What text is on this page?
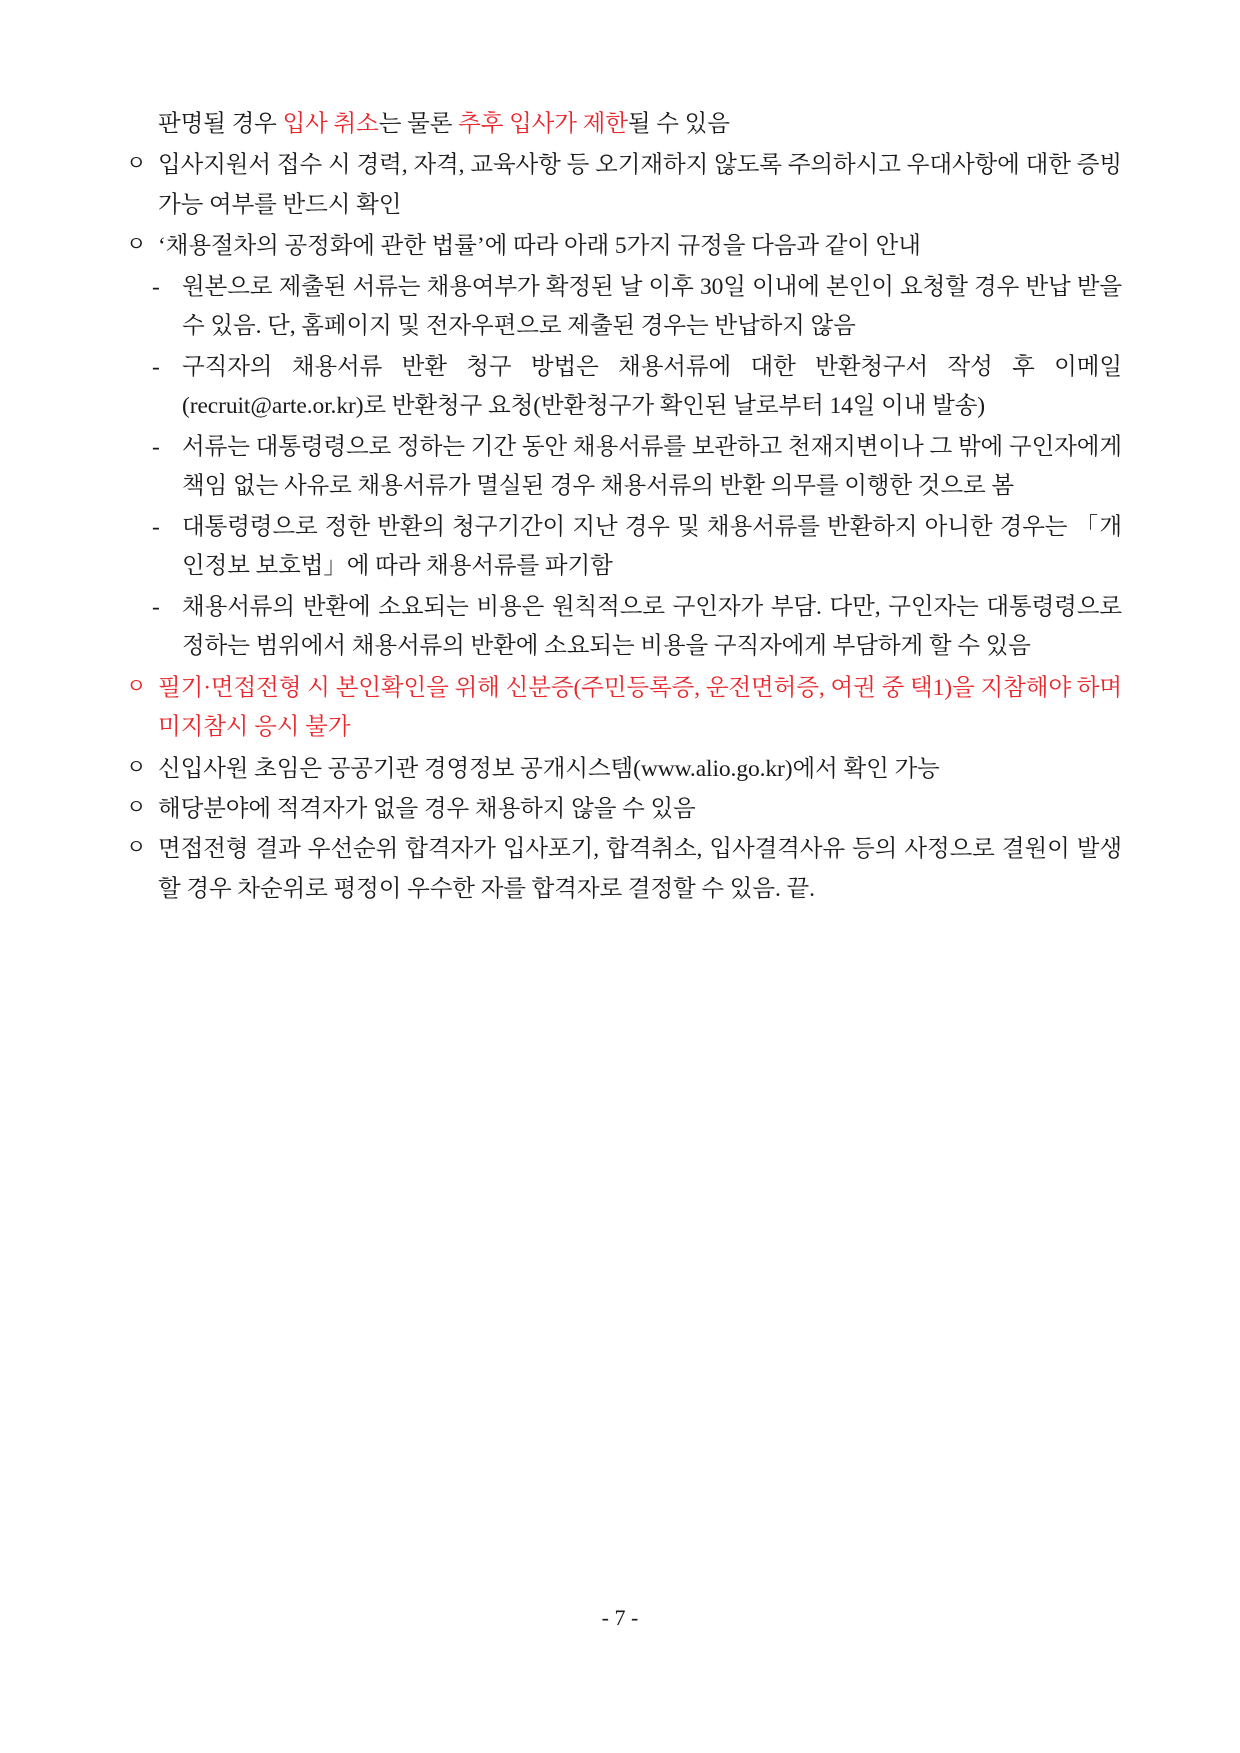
판명될 경우 입사 취소는 물론 추후 입사가 제한될 수 있음
ㅇ 입사지원서 접수 시 경력, 자격, 교육사항 등 오기재하지 않도록 주의하시고 우대사항에 대한 증빙가능 여부를 반드시 확인
ㅇ ‘채용절차의 공정화에 관한 법률’에 따라 아래 5가지 규정을 다음과 같이 안내
- 원본으로 제출된 서류는 채용여부가 확정된 날 이후 30일 이내에 본인이 요청할 경우 반납 받을 수 있음. 단, 홈페이지 및 전자우편으로 제출된 경우는 반납하지 않음
- 구직자의 채용서류 반환 청구 방법은 채용서류에 대한 반환청구서 작성 후 이메일(recruit@arte.or.kr)로 반환청구 요청(반환청구가 확인된 날로부터 14일 이내 발송)
- 서류는 대통령령으로 정하는 기간 동안 채용서류를 보관하고 천재지변이나 그 밖에 구인자에게 책임 없는 사유로 채용서류가 멸실된 경우 채용서류의 반환 의무를 이행한 것으로 봄
- 대통령령으로 정한 반환의 청구기간이 지난 경우 및 채용서류를 반환하지 아니한 경우는 「개인정보 보호법」에 따라 채용서류를 파기함
- 채용서류의 반환에 소요되는 비용은 원칙적으로 구인자가 부담. 다만, 구인자는 대통령령으로 정하는 범위에서 채용서류의 반환에 소요되는 비용을 구직자에게 부담하게 할 수 있음
ㅇ 필기·면접전형 시 본인확인을 위해 신분증(주민등록증, 운전면허증, 여권 중 택1)을 지참해야 하며 미지참시 응시 불가
ㅇ 신입사원 초임은 공공기관 경영정보 공개시스템(www.alio.go.kr)에서 확인 가능
ㅇ 해당분야에 적격자가 없을 경우 채용하지 않을 수 있음
ㅇ 면접전형 결과 우선순위 합격자가 입사포기, 합격취소, 입사결격사유 등의 사정으로 결원이 발생할 경우 차순위로 평정이 우수한 자를 합격자로 결정할 수 있음. 끝.
- 7 -
